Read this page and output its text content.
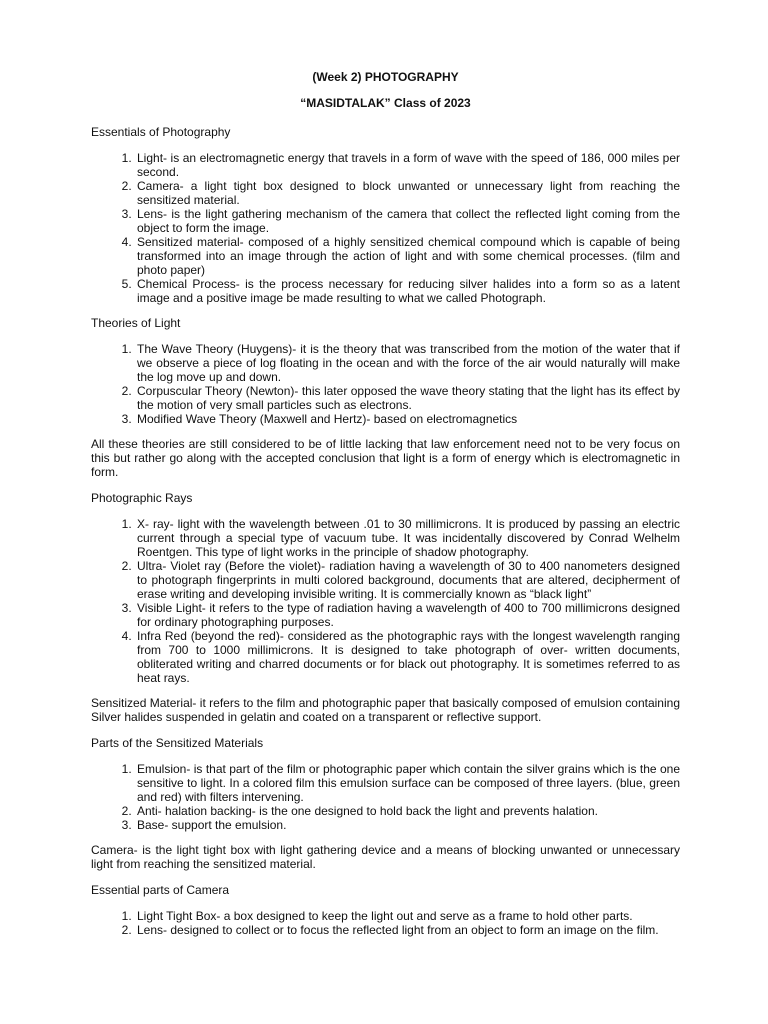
(Week 2) PHOTOGRAPHY
“MASIDTALAK” Class of 2023
Essentials of Photography
1. Light- is an electromagnetic energy that travels in a form of wave with the speed of 186, 000 miles per second.
2. Camera- a light tight box designed to block unwanted or unnecessary light from reaching the sensitized material.
3. Lens- is the light gathering mechanism of the camera that collect the reflected light coming from the object to form the image.
4. Sensitized material- composed of a highly sensitized chemical compound which is capable of being transformed into an image through the action of light and with some chemical processes. (film and photo paper)
5. Chemical Process- is the process necessary for reducing silver halides into a form so as a latent image and a positive image be made resulting to what we called Photograph.
Theories of Light
1. The Wave Theory (Huygens)- it is the theory that was transcribed from the motion of the water that if we observe a piece of log floating in the ocean and with the force of the air would naturally will make the log move up and down.
2. Corpuscular Theory (Newton)- this later opposed the wave theory stating that the light has its effect by the motion of very small particles such as electrons.
3. Modified Wave Theory (Maxwell and Hertz)- based on electromagnetics
All these theories are still considered to be of little lacking that law enforcement need not to be very focus on this but rather go along with the accepted conclusion that light is a form of energy which is electromagnetic in form.
Photographic Rays
1. X- ray- light with the wavelength between .01 to 30 millimicrons. It is produced by passing an electric current through a special type of vacuum tube. It was incidentally discovered by Conrad Welhelm Roentgen. This type of light works in the principle of shadow photography.
2. Ultra- Violet ray (Before the violet)- radiation having a wavelength of 30 to 400 nanometers designed to photograph fingerprints in multi colored background, documents that are altered, decipherment of erase writing and developing invisible writing. It is commercially known as “black light”
3. Visible Light- it refers to the type of radiation having a wavelength of 400 to 700 millimicrons designed for ordinary photographing purposes.
4. Infra Red (beyond the red)- considered as the photographic rays with the longest wavelength ranging from 700 to 1000 millimicrons. It is designed to take photograph of over- written documents, obliterated writing and charred documents or for black out photography. It is sometimes referred to as heat rays.
Sensitized Material- it refers to the film and photographic paper that basically composed of emulsion containing Silver halides suspended in gelatin and coated on a transparent or reflective support.
Parts of the Sensitized Materials
1. Emulsion- is that part of the film or photographic paper which contain the silver grains which is the one sensitive to light. In a colored film this emulsion surface can be composed of three layers. (blue, green and red) with filters intervening.
2. Anti- halation backing- is the one designed to hold back the light and prevents halation.
3. Base- support the emulsion.
Camera- is the light tight box with light gathering device and a means of blocking unwanted or unnecessary light from reaching the sensitized material.
Essential parts of Camera
1. Light Tight Box- a box designed to keep the light out and serve as a frame to hold other parts.
2. Lens- designed to collect or to focus the reflected light from an object to form an image on the film.
